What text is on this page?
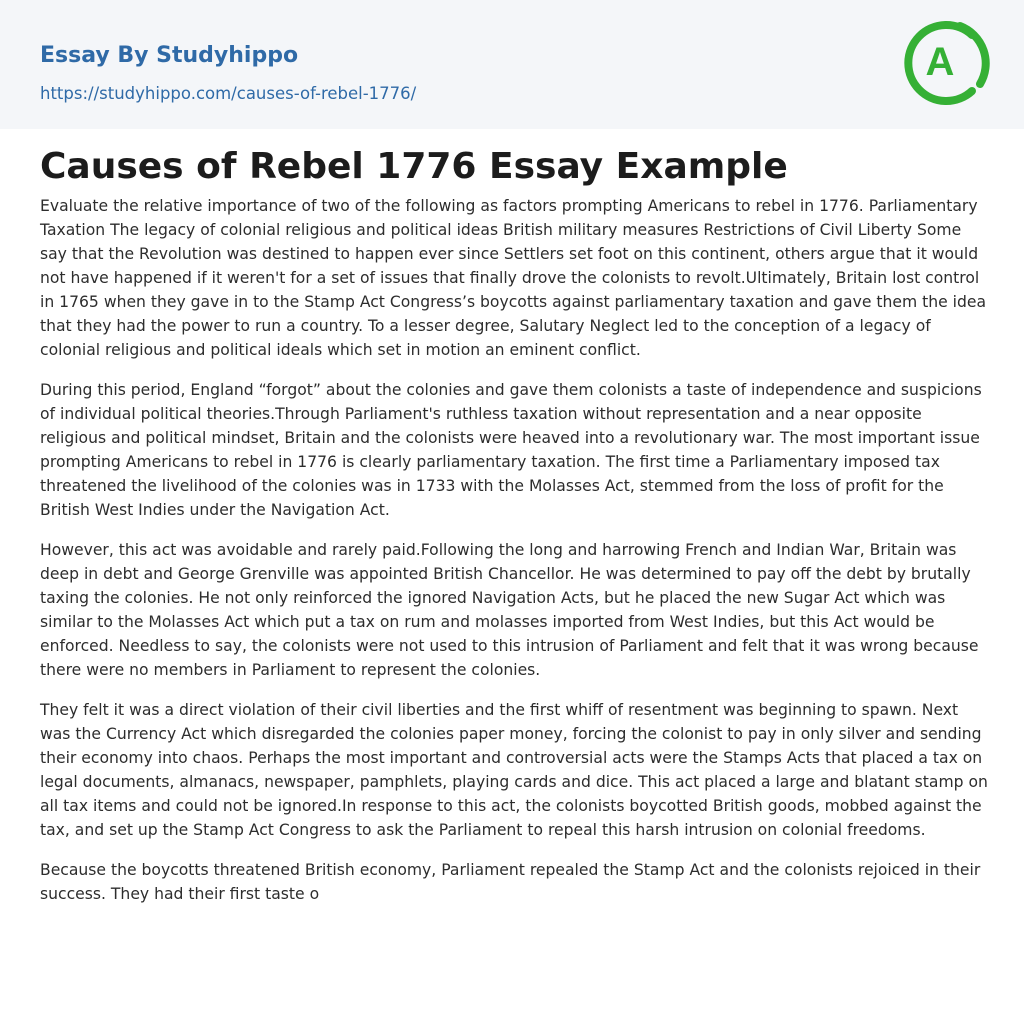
Essay By Studyhippo
https://studyhippo.com/causes-of-rebel-1776/
A
Causes of Rebel 1776 Essay Example

Evaluate the relative importance of two of the following as factors prompting Americans to rebel in 1776. Parliamentary Taxation The legacy of colonial religious and political ideas British military measures Restrictions of Civil Liberty Some say that the Revolution was destined to happen ever since Settlers set foot on this continent, others argue that it would not have happened if it weren't for a set of issues that finally drove the colonists to revolt.Ultimately, Britain lost control in 1765 when they gave in to the Stamp Act Congress’s boycotts against parliamentary taxation and gave them the idea that they had the power to run a country. To a lesser degree, Salutary Neglect led to the conception of a legacy of colonial religious and political ideals which set in motion an eminent conflict.

During this period, England “forgot” about the colonies and gave them colonists a taste of independence and suspicions of individual political theories.Through Parliament's ruthless taxation without representation and a near opposite religious and political mindset, Britain and the colonists were heaved into a revolutionary war. The most important issue prompting Americans to rebel in 1776 is clearly parliamentary taxation. The first time a Parliamentary imposed tax threatened the livelihood of the colonies was in 1733 with the Molasses Act, stemmed from the loss of profit for the British West Indies under the Navigation Act.

However, this act was avoidable and rarely paid.Following the long and harrowing French and Indian War, Britain was deep in debt and George Grenville was appointed British Chancellor. He was determined to pay off the debt by brutally taxing the colonies. He not only reinforced the ignored Navigation Acts, but he placed the new Sugar Act which was similar to the Molasses Act which put a tax on rum and molasses imported from West Indies, but this Act would be enforced. Needless to say, the colonists were not used to this intrusion of Parliament and felt that it was wrong because there were no members in Parliament to represent the colonies.

They felt it was a direct violation of their civil liberties and the first whiff of resentment was beginning to spawn. Next was the Currency Act which disregarded the colonies paper money, forcing the colonist to pay in only silver and sending their economy into chaos. Perhaps the most important and controversial acts were the Stamps Acts that placed a tax on legal documents, almanacs, newspaper, pamphlets, playing cards and dice. This act placed a large and blatant stamp on all tax items and could not be ignored.In response to this act, the colonists boycotted British goods, mobbed against the tax, and set up the Stamp Act Congress to ask the Parliament to repeal this harsh intrusion on colonial freedoms.

Because the boycotts threatened British economy, Parliament repealed the Stamp Act and the colonists rejoiced in their success. They had their first taste o
